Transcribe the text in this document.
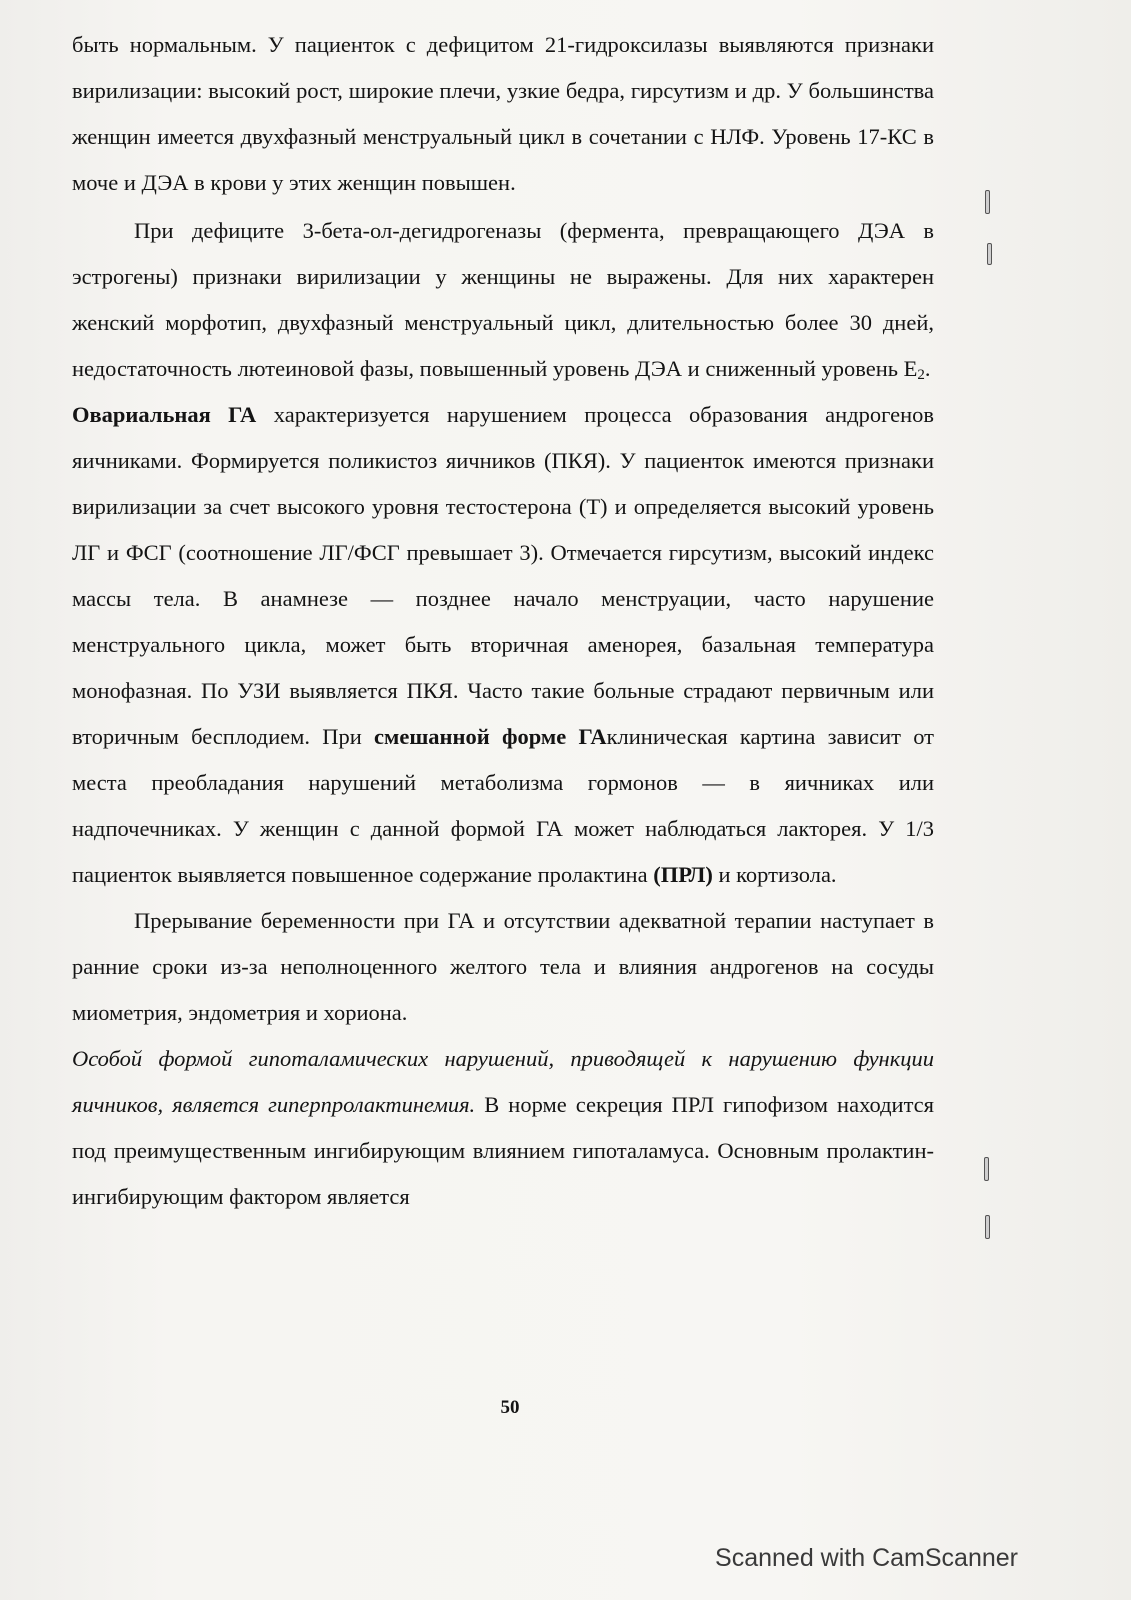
быть нормальным. У пациенток с дефицитом 21-гидроксилазы выявляются признаки вирилизации: высокий рост, широкие плечи, узкие бедра, гирсутизм и др. У большинства женщин имеется двухфазный менструальный цикл в сочетании с НЛФ. Уровень 17-КС в моче и ДЭА в крови у этих женщин повышен.

При дефиците 3-бета-ол-дегидрогеназы (фермента, превращающего ДЭА в эстрогены) признаки вирилизации у женщины не выражены. Для них характерен женский морфотип, двухфазный менструальный цикл, длительностью более 30 дней, недостаточность лютеиновой фазы, повышенный уровень ДЭА и сниженный уровень $E_2$.

Овариальная ГА характеризуется нарушением процесса образования андрогенов яичниками. Формируется поликистоз яичников (ПКЯ). У пациенток имеются признаки вирилизации за счет высокого уровня тестостерона (Т) и определяется высокий уровень ЛГ и ФСГ (соотношение ЛГ/ФСГ превышает 3). Отмечается гирсутизм, высокий индекс массы тела. В анамнезе — позднее начало менструации, часто нарушение менструального цикла, может быть вторичная аменорея, базальная температура монофазная. По УЗИ выявляется ПКЯ. Часто такие больные страдают первичным или вторичным бесплодием. При смешанной форме ГАклиническая картина зависит от места преобладания нарушений метаболизма гормонов — в яичниках или надпочечниках. У женщин с данной формой ГА может наблюдаться лакторея. У 1/3 пациенток выявляется повышенное содержание пролактина (ПРЛ) и кортизола.

Прерывание беременности при ГА и отсутствии адекватной терапии наступает в ранние сроки из-за неполноценного желтого тела и влияния андрогенов на сосуды миометрия, эндометрия и хориона.

Особой формой гипоталамических нарушений, приводящей к нарушению функции яичников, является гиперпролактинемия. В норме секреция ПРЛ гипофизом находится под преимущественным ингибирующим влиянием гипоталамуса. Основным пролактин-ингибирующим фактором является

50
Scanned with CamScanner
